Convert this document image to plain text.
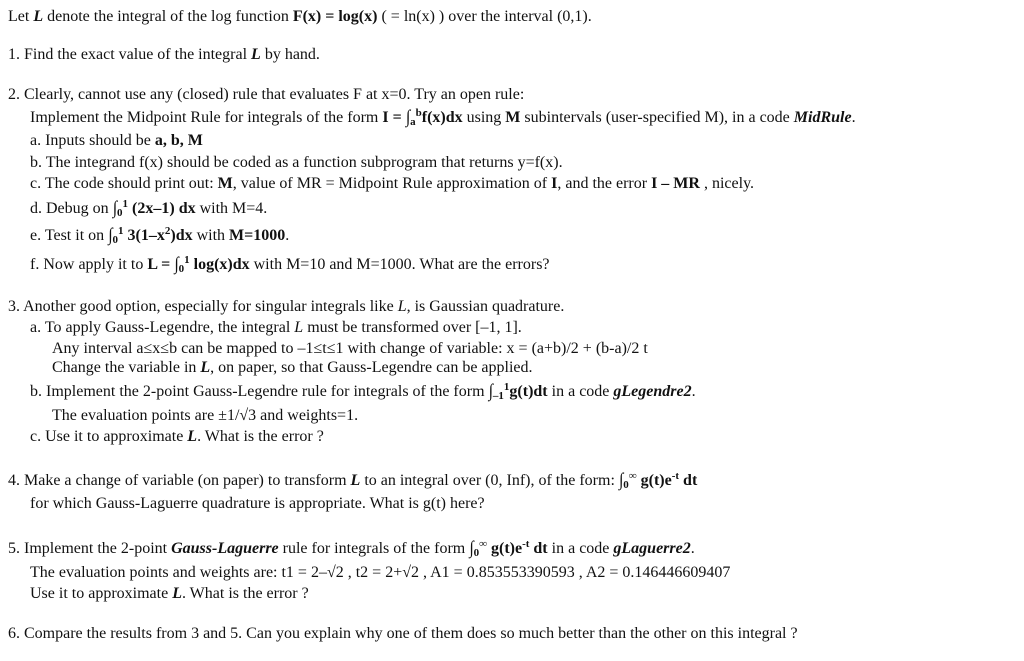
Let L denote the integral of the log function F(x) = log(x) ( = ln(x) ) over the interval (0,1).
1. Find the exact value of the integral L by hand.
2. Clearly, cannot use any (closed) rule that evaluates F at x=0. Try an open rule:
Implement the Midpoint Rule for integrals of the form $I = \int_a^bf(x)dx$ using M subintervals (user-specified M), in a code MidRule.
a. Inputs should be a, b, M
b. The integrand f(x) should be coded as a function subprogram that returns y=f(x).
c. The code should print out: M, value of MR = Midpoint Rule approximation of I, and the error I – MR , nicely.
d. Debug on $\int_0^1$ (2x–1) dx with M=4.
e. Test it on $\int_0^1$ $3(1-x^2)dx$ with M=1000.
f. Now apply it to $L = \int_0^1$ log(x)dx with M=10 and M=1000. What are the errors?
3. Another good option, especially for singular integrals like L, is Gaussian quadrature.
a. To apply Gauss-Legendre, the integral L must be transformed over [–1, 1].
Any interval a≤x≤b can be mapped to –1≤t≤1 with change of variable: x = (a+b)/2 + (b-a)/2 t
Change the variable in L, on paper, so that Gauss-Legendre can be applied.
b. Implement the 2-point Gauss-Legendre rule for integrals of the form $\int_{-1}^1g(t)dt$ in a code gLegendre2.
The evaluation points are ±1/√3 and weights=1.
c. Use it to approximate L. What is the error ?
4. Make a change of variable (on paper) to transform L to an integral over (0, Inf), of the form: $\int_0^\infty$ $g(t)e^{-t}$ dt
for which Gauss-Laguerre quadrature is appropriate. What is g(t) here?
5. Implement the 2-point Gauss-Laguerre rule for integrals of the form $\int_0^\infty$ $g(t)e^{-t}$ dt in a code gLaguerre2.
The evaluation points and weights are: t1 = 2–√2 , t2 = 2+√2 , A1 = 0.853553390593 , A2 = 0.146446609407
Use it to approximate L. What is the error ?
6. Compare the results from 3 and 5. Can you explain why one of them does so much better than the other on this integral ?
